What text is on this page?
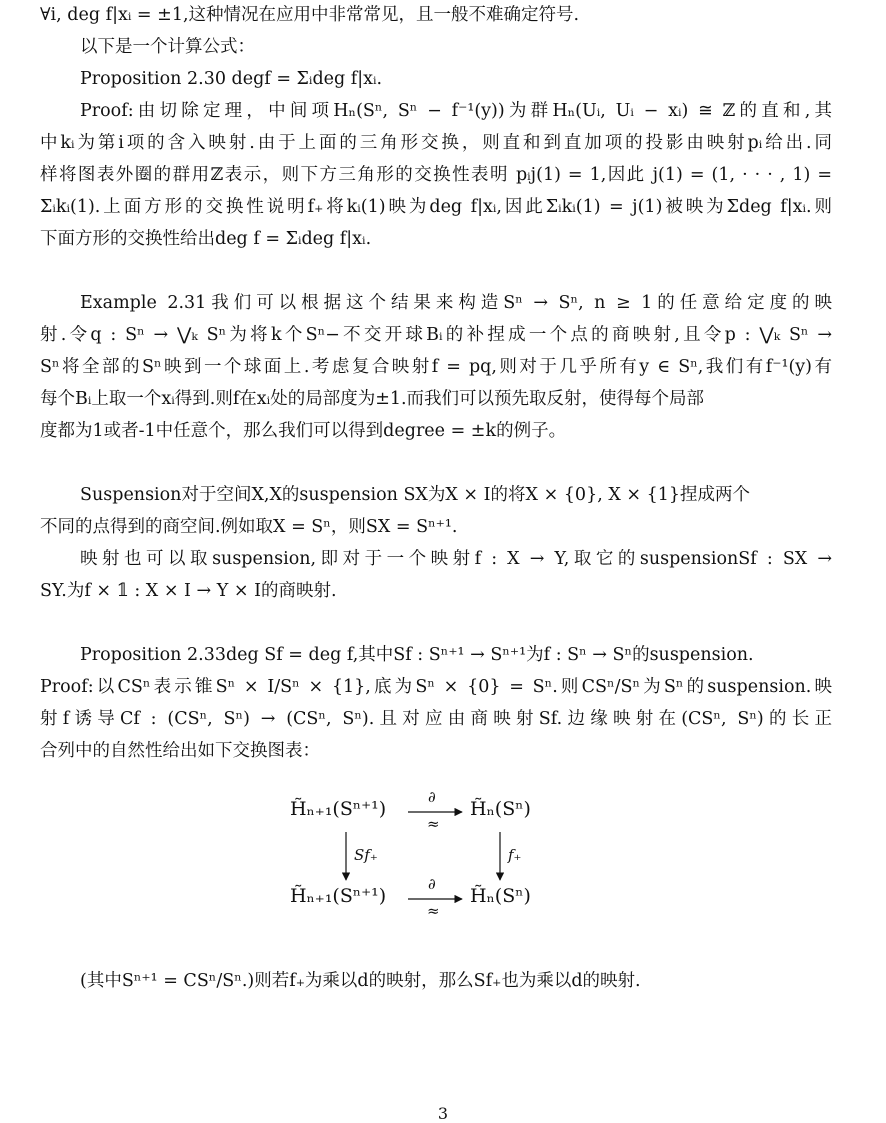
∀i, deg f|xᵢ = ±1,这种情况在应用中非常常见，且一般不难确定符号.
以下是一个计算公式：
Proposition 2.30 degf = Σᵢdeg f|xᵢ.
Proof:由切除定理，中间项Hₙ(Sⁿ, Sⁿ − f⁻¹(y))为群Hₙ(Uᵢ, Uᵢ − xᵢ) ≅ ℤ的直和,其
中kᵢ为第i项的含入映射.由于上面的三角形交换，则直和到直加项的投影由映射pᵢ给出.同
样将图表外圈的群用ℤ表示，则下方三角形的交换性表明 pᵢj(1) = 1,因此 j(1) = (1, · · · , 1) =
Σᵢkᵢ(1).上面方形的交换性说明f₊将kᵢ(1)映为deg f|xᵢ,因此Σᵢkᵢ(1) = j(1)被映为Σdeg f|xᵢ.则
下面方形的交换性给出deg f = Σᵢdeg f|xᵢ.
Example 2.31我们可以根据这个结果来构造Sⁿ → Sⁿ, n ≥ 1的任意给定度的映
射.令q : Sⁿ → ⋁ₖ Sⁿ为将k个Sⁿ−不交开球Bᵢ的补捏成一个点的商映射,且令p : ⋁ₖ Sⁿ →
Sⁿ将全部的Sⁿ映到一个球面上.考虑复合映射f = pq,则对于几乎所有y ∈ Sⁿ,我们有f⁻¹(y)有
每个Bᵢ上取一个xᵢ得到.则f在xᵢ处的局部度为±1.而我们可以预先取反射，使得每个局部
度都为1或者-1中任意个，那么我们可以得到degree = ±k的例子。
Suspension对于空间X,X的suspension SX为X × I的将X × {0}, X × {1}捏成两个
不同的点得到的商空间.例如取X = Sⁿ，则SX = Sⁿ⁺¹.
映射也可以取suspension,即对于一个映射f : X → Y,取它的suspensionSf : SX →
SY.为f × 𝟙 : X × I → Y × I的商映射.
Proposition 2.33deg Sf = deg f,其中Sf : Sⁿ⁺¹ → Sⁿ⁺¹为f : Sⁿ → Sⁿ的suspension.
Proof:以CSⁿ表示锥Sⁿ × I/Sⁿ × {1},底为Sⁿ × {0} = Sⁿ.则CSⁿ/Sⁿ为Sⁿ的suspension.映
射f诱导Cf : (CSⁿ, Sⁿ) → (CSⁿ, Sⁿ).且对应由商映射Sf.边缘映射在(CSⁿ, Sⁿ)的长正
合列中的自然性给出如下交换图表：
H̃ₙ₊₁(Sⁿ⁺¹)	H̃ₙ(Sⁿ)
H̃ₙ₊₁(Sⁿ⁺¹)	H̃ₙ(Sⁿ)
∂
≈
∂
≈
Sf₊	f₊
(其中Sⁿ⁺¹ = CSⁿ/Sⁿ.)则若f₊为乘以d的映射，那么Sf₊也为乘以d的映射.
3
